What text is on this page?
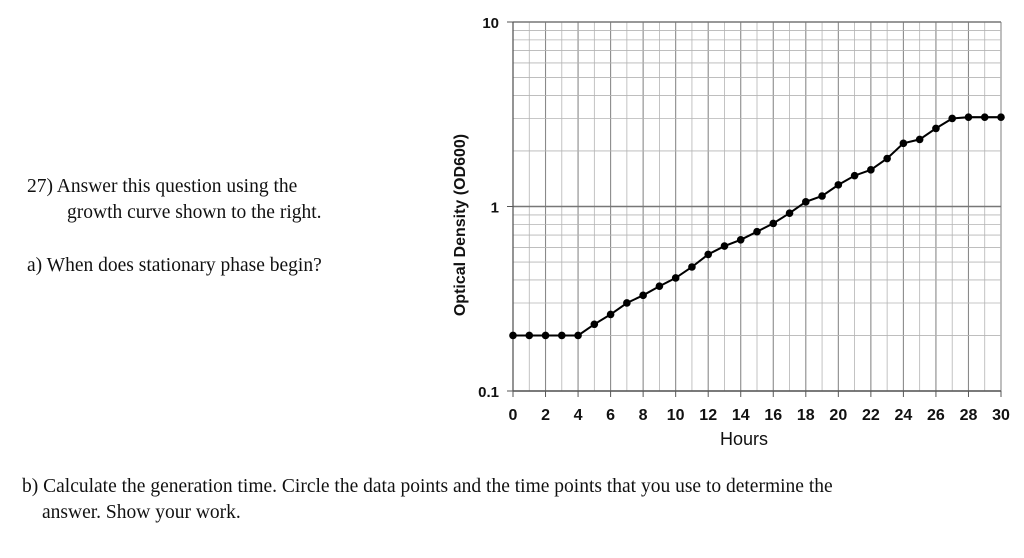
27) Answer this question using the
growth curve shown to the right.

a) When does stationary phase begin?

b) Calculate the generation time. Circle the data points and the time points that you use to determine the
answer. Show your work.
0 2 4 6 8 10 12 14 16 18 20 22 24 26 28 30
0.1
1
10
Hours
Optical Density (OD600)
